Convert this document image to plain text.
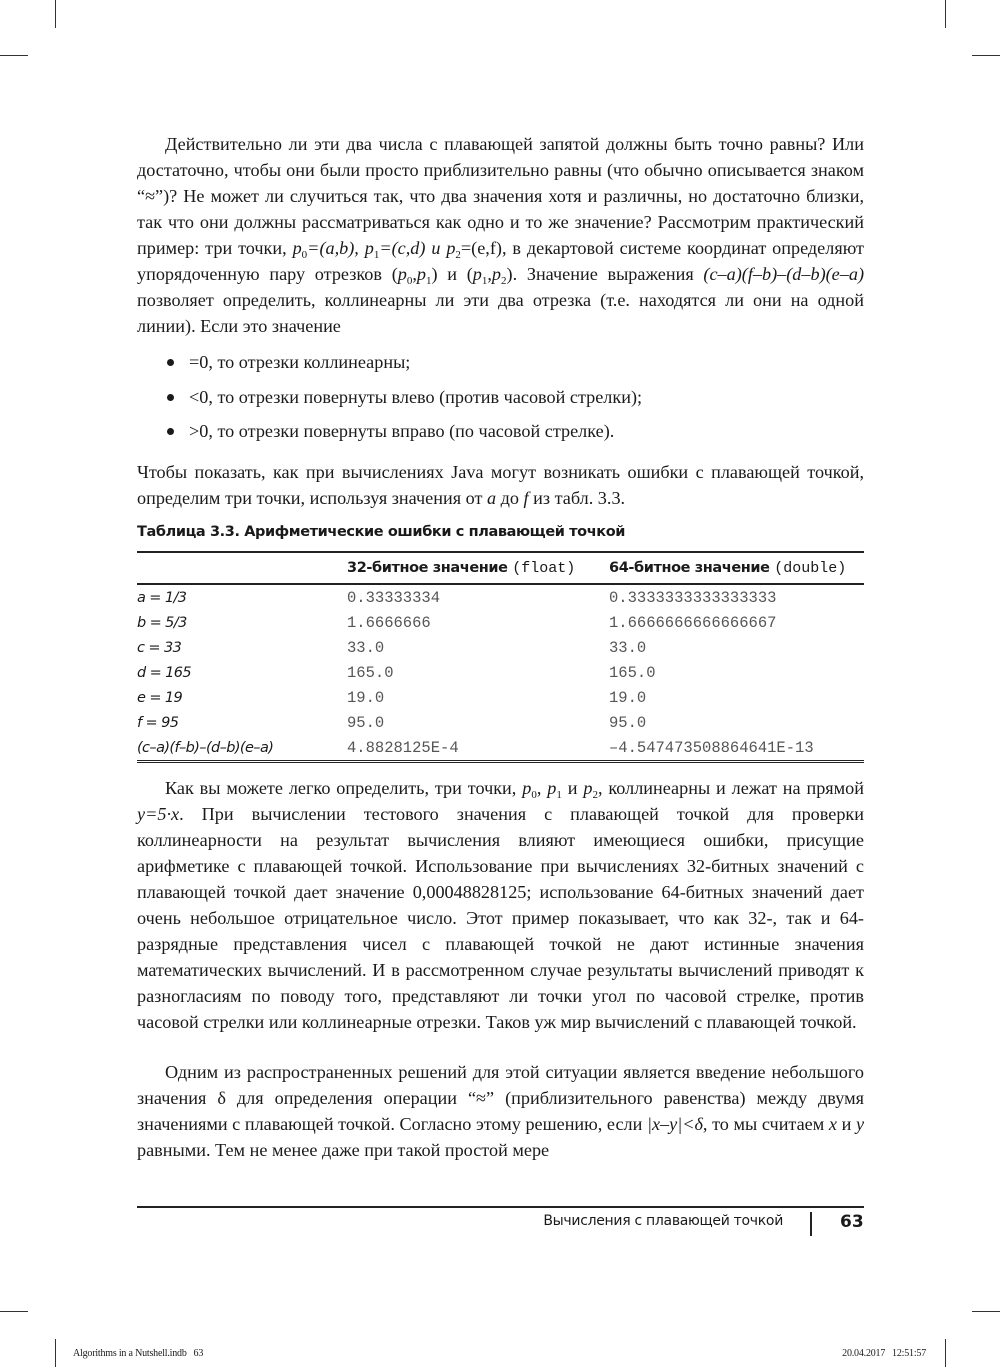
Действительно ли эти два числа с плавающей запятой должны быть точно равны? Или достаточно, чтобы они были просто приблизительно равны (что обычно описывается знаком “≈”)? Не может ли случиться так, что два значения хотя и различны, но достаточно близки, так что они должны рассматриваться как одно и то же значение? Рассмотрим практический пример: три точки, $p_0=(a,b)$, $p_1=(c,d)$ и $p_2=(e,f)$, в декартовой системе координат определяют упорядоченную пару отрезков $(p_0,p_1)$ и $(p_1,p_2)$. Значение выражения (c–a)(f–b)–(d–b)(e–a) позволяет определить, коллинеарны ли эти два отрезка (т.е. находятся ли они на одной линии). Если это значение

=0, то отрезки коллинеарны;
<0, то отрезки повернуты влево (против часовой стрелки);
>0, то отрезки повернуты вправо (по часовой стрелке).

Чтобы показать, как при вычислениях Java могут возникать ошибки с плавающей точкой, определим три точки, используя значения от a до f из табл. 3.3.

Таблица 3.3. Арифметические ошибки с плавающей точкой
	32-битное значение (float)	64-битное значение (double)
a = 1/3	0.33333334	0.3333333333333333
b = 5/3	1.6666666	1.6666666666666667
c = 33	33.0	33.0
d = 165	165.0	165.0
e = 19	19.0	19.0
f = 95	95.0	95.0
(c–a)(f–b)–(d–b)(e–a)	4.8828125E-4	–4.547473508864641E-13

Как вы можете легко определить, три точки, $p_0$, $p_1$ и $p_2$, коллинеарны и лежат на прямой y=5·x. При вычислении тестового значения с плавающей точкой для проверки коллинеарности на результат вычисления влияют имеющиеся ошибки, присущие арифметике с плавающей точкой. Использование при вычислениях 32-битных значений с плавающей точкой дает значение 0,00048828125; использование 64-битных значений дает очень небольшое отрицательное число. Этот пример показывает, что как 32-, так и 64-разрядные представления чисел с плавающей точкой не дают истинные значения математических вычислений. И в рассмотренном случае результаты вычислений приводят к разногласиям по поводу того, представляют ли точки угол по часовой стрелке, против часовой стрелки или коллинеарные отрезки. Таков уж мир вычислений с плавающей точкой.

Одним из распространенных решений для этой ситуации является введение небольшого значения δ для определения операции “≈” (приблизительного равенства) между двумя значениями с плавающей точкой. Согласно этому решению, если |x–y|<δ, то мы считаем x и y равными. Тем не менее даже при такой простой мере

Вычисления с плавающей точкой	63
Algorithms in a Nutshell.indb   63	20.04.2017   12:51:57
